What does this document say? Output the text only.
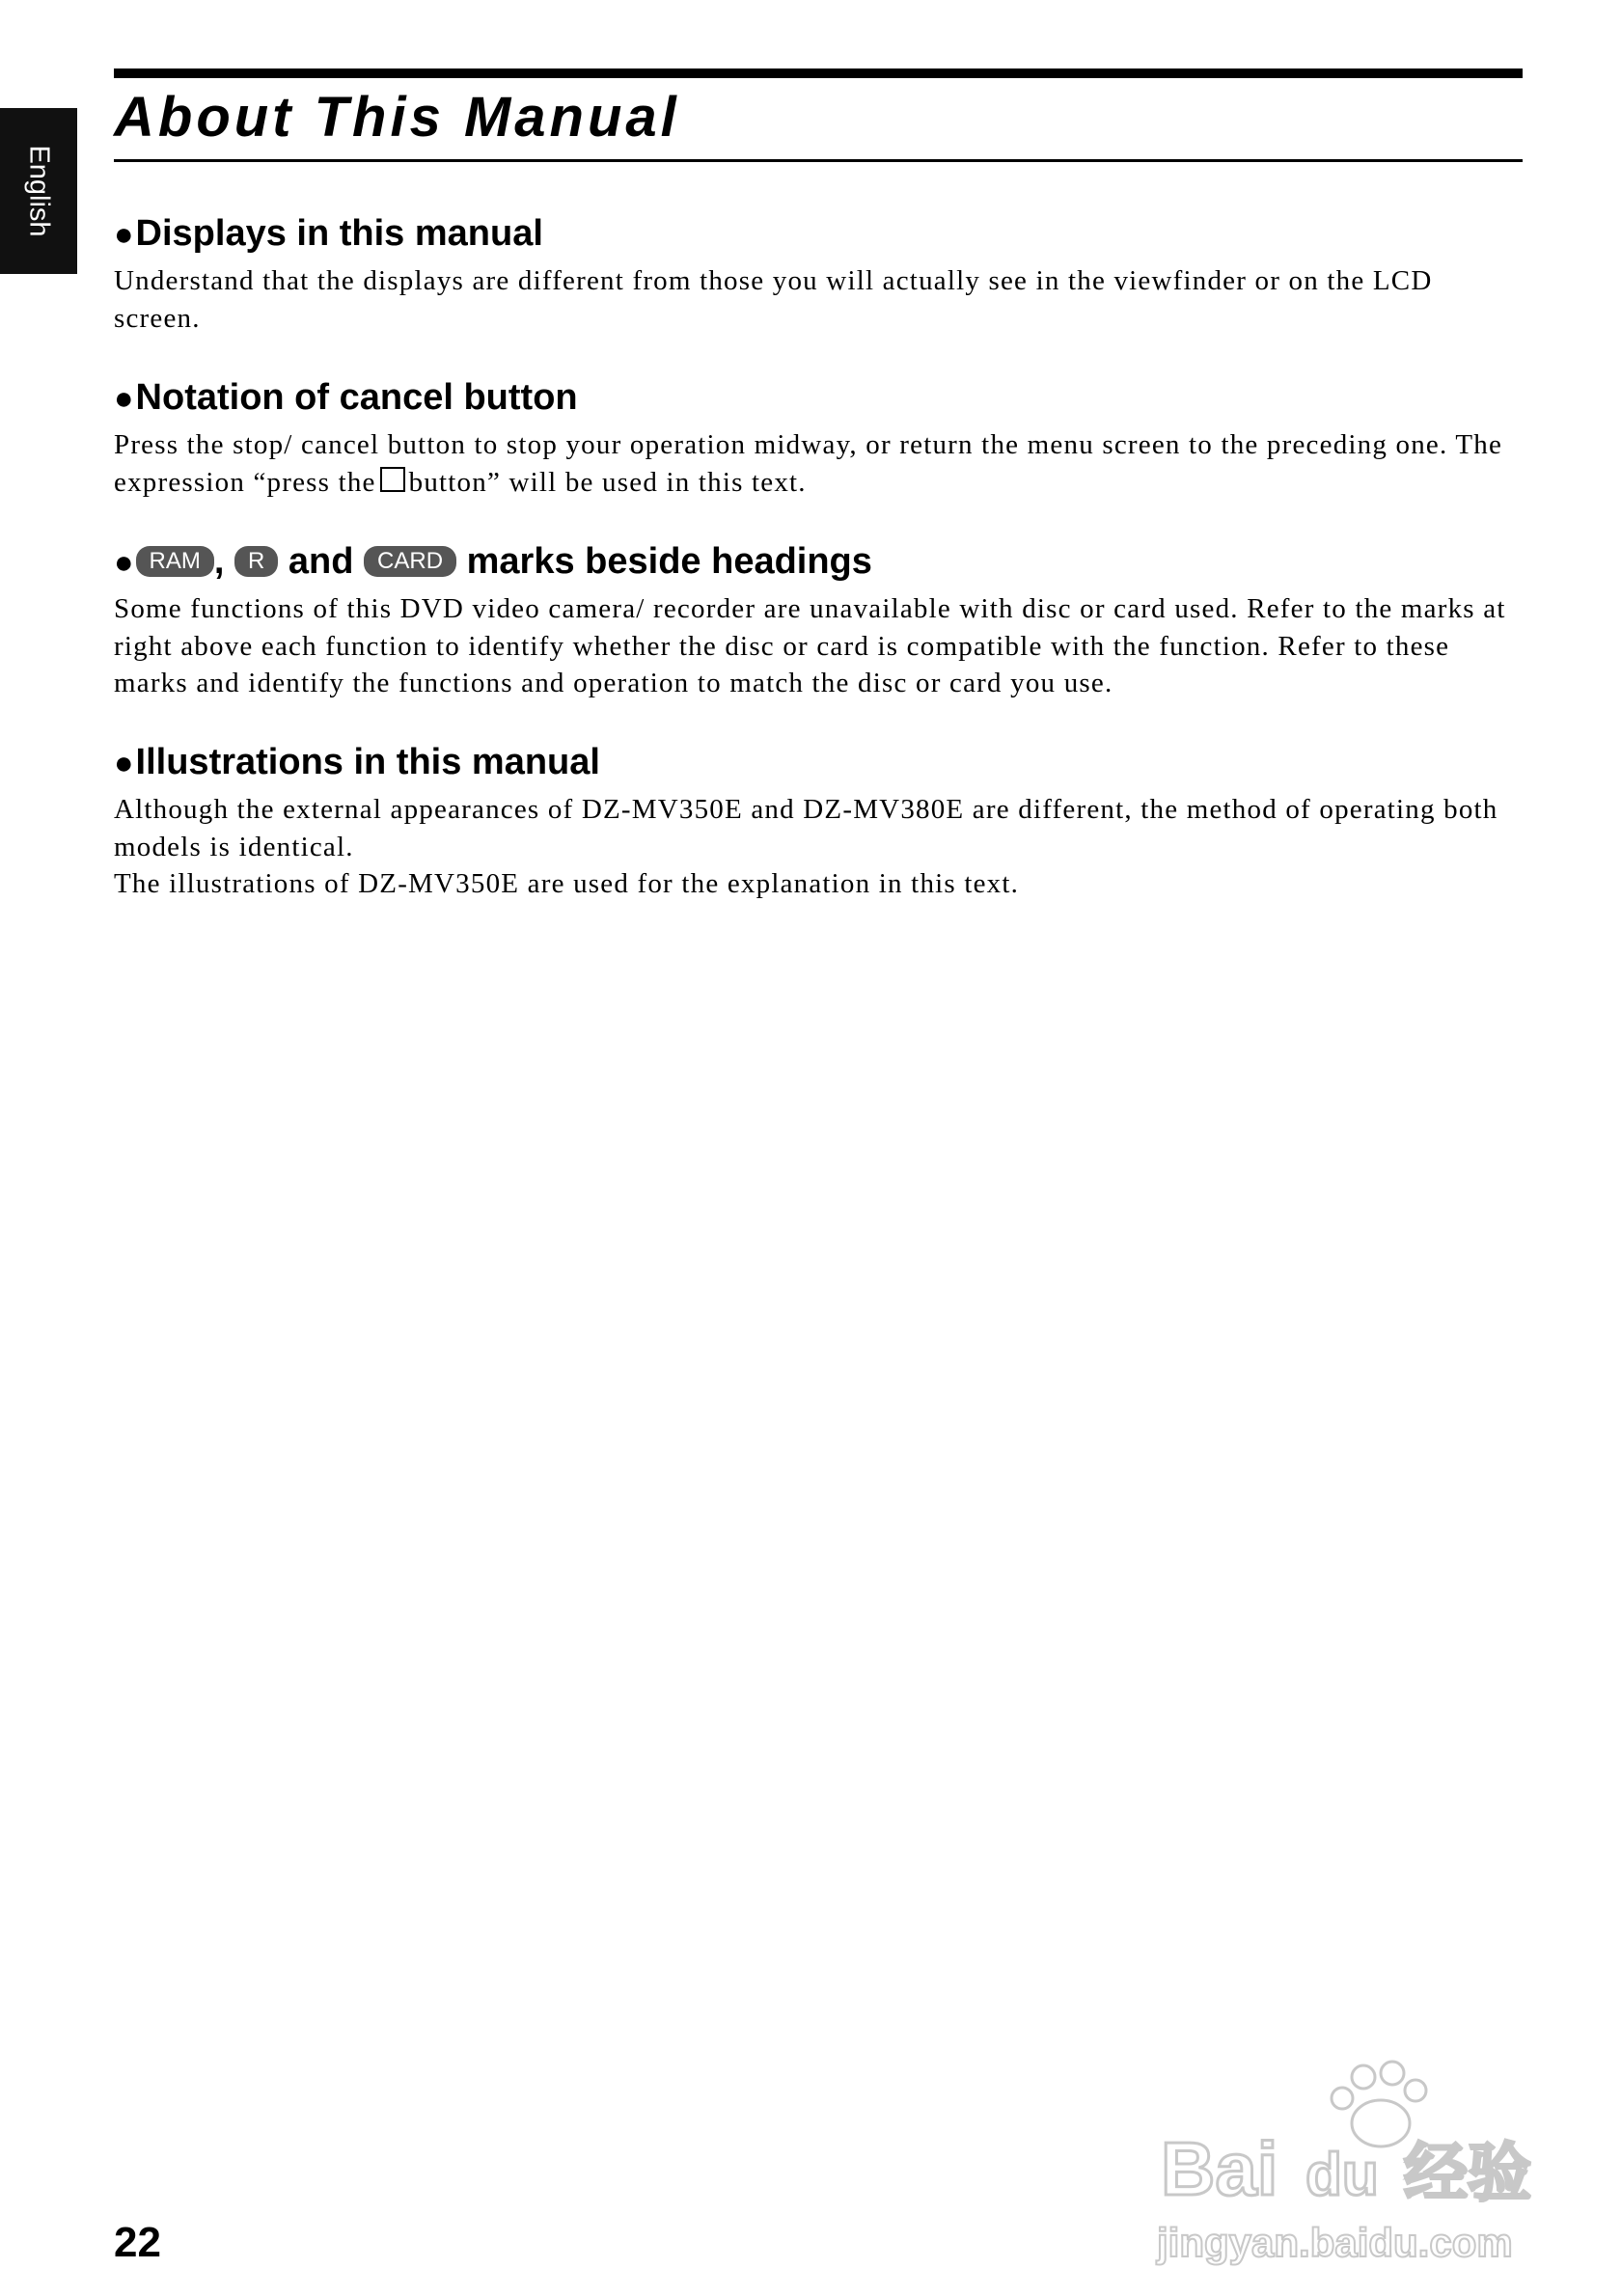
English
About This Manual
●Displays in this manual

Understand that the displays are different from those you will actually see in the viewfinder or on the LCD screen.

●Notation of cancel button

Press the stop/ cancel button to stop your operation midway, or return the menu screen to the preceding one. The expression “press the button” will be used in this text.

● RAM , R and CARD marks beside headings

Some functions of this DVD video camera/ recorder are unavailable with disc or card used. Refer to the marks at right above each function to identify whether the disc or card is compatible with the function. Refer to these marks and identify the functions and operation to match the disc or card you use.

●Illustrations in this manual

Although the external appearances of DZ-MV350E and DZ-MV380E are different, the method of operating both models is identical.
The illustrations of DZ-MV350E are used for the explanation in this text.

22
Bai du 经验
jingyan.baidu.com
